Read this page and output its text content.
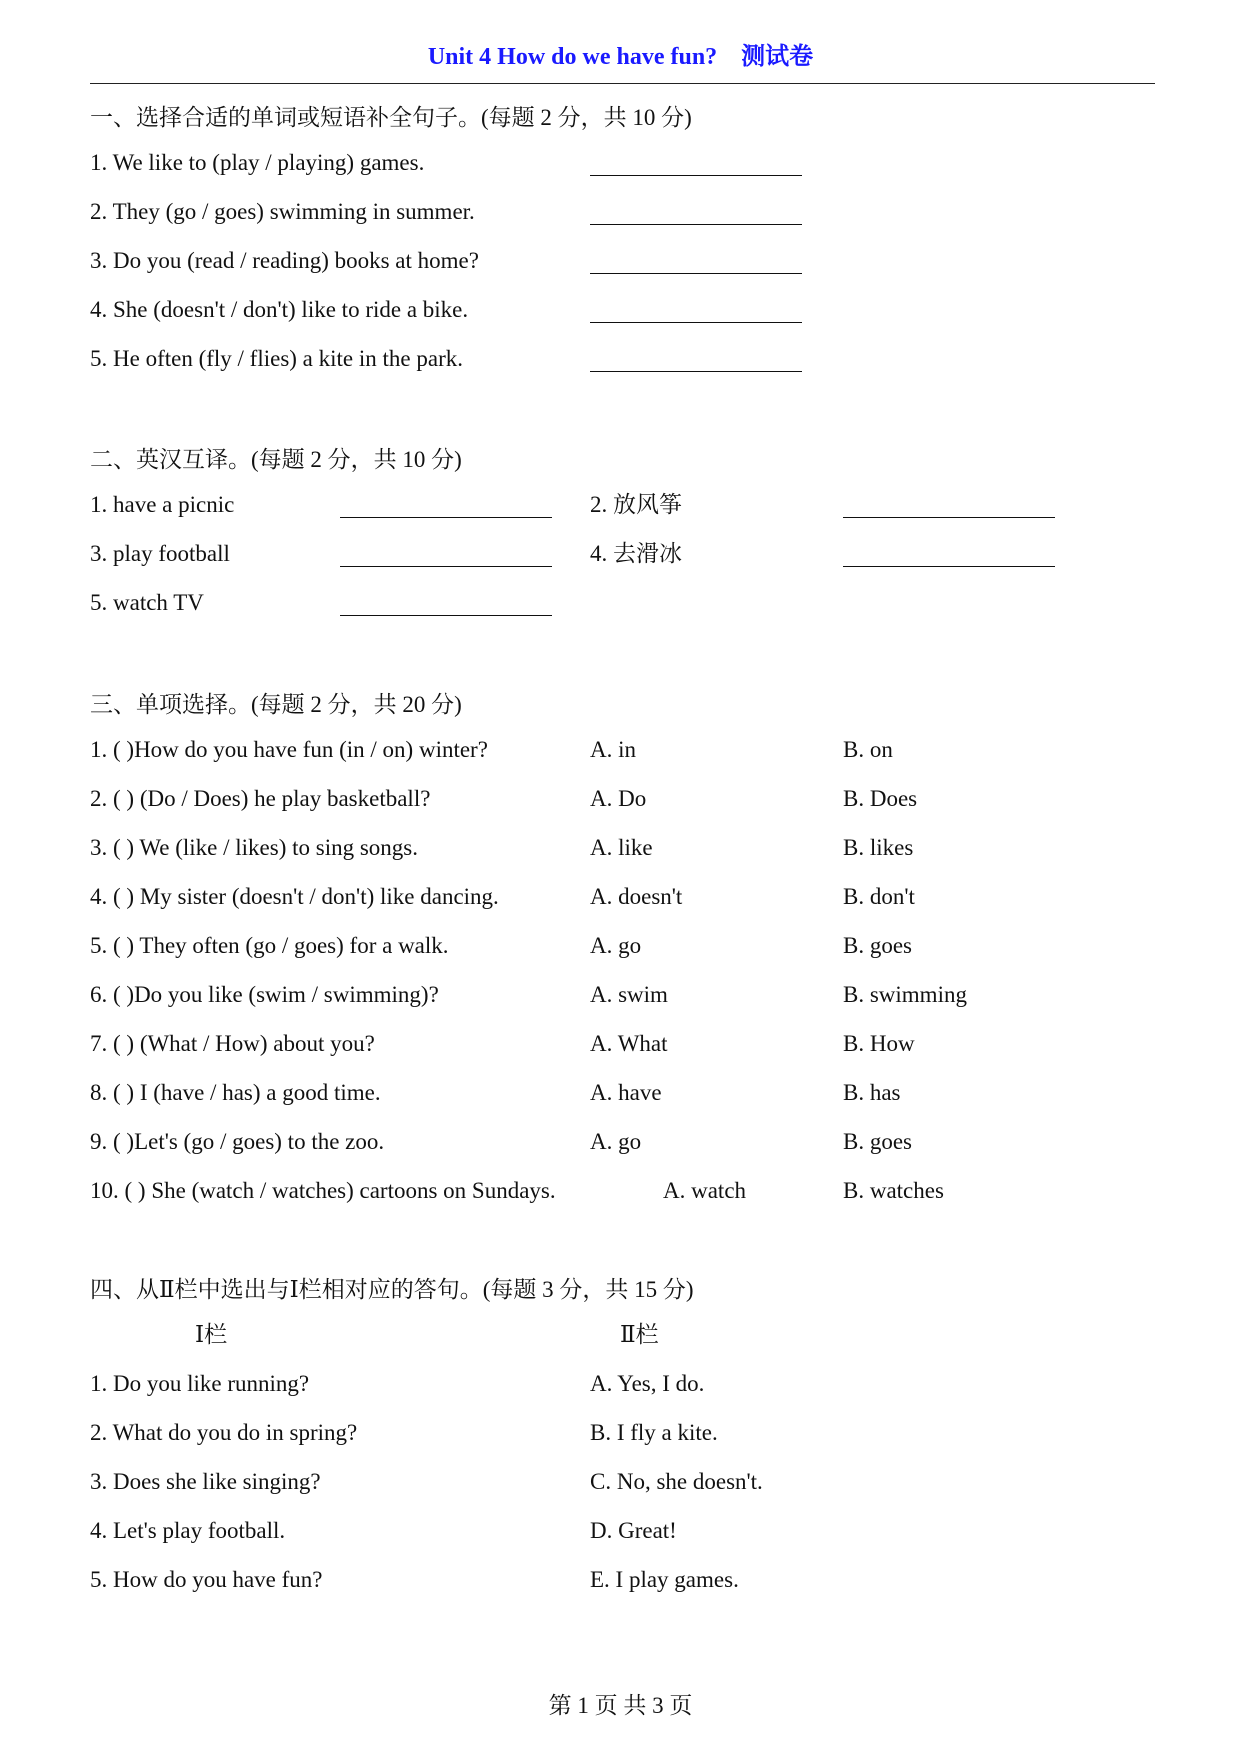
Unit 4 How do we have fun?　测试卷
一、选择合适的单词或短语补全句子。(每题 2 分，共 10 分)
1. We like to (play / playing) games.
2. They (go / goes) swimming in summer.
3. Do you (read / reading) books at home?
4. She (doesn't / don't) like to ride a bike.
5. He often (fly / flies) a kite in the park.
二、英汉互译。(每题 2 分，共 10 分)
1. have a picnic	2. 放风筝
3. play football	4. 去滑冰
5. watch TV
三、单项选择。(每题 2 分，共 20 分)
1. ( )How do you have fun (in / on) winter?	A. in	B. on
2. ( ) (Do / Does) he play basketball?	A. Do	B. Does
3. ( ) We (like / likes) to sing songs.	A. like	B. likes
4. ( ) My sister (doesn't / don't) like dancing.	A. doesn't	B. don't
5. ( ) They often (go / goes) for a walk.	A. go	B. goes
6. ( )Do you like (swim / swimming)?	A. swim	B. swimming
7. ( ) (What / How) about you?	A. What	B. How
8. ( ) I (have / has) a good time.	A. have	B. has
9. ( )Let's (go / goes) to the zoo.	A. go	B. goes
10. ( ) She (watch / watches) cartoons on Sundays.	A. watch	B. watches
四、从Ⅱ栏中选出与Ⅰ栏相对应的答句。(每题 3 分，共 15 分)
Ⅰ栏	Ⅱ栏
1. Do you like running?	A. Yes, I do.
2. What do you do in spring?	B. I fly a kite.
3. Does she like singing?	C. No, she doesn't.
4. Let's play football.	D. Great!
5. How do you have fun?	E. I play games.
第 1 页 共 3 页
